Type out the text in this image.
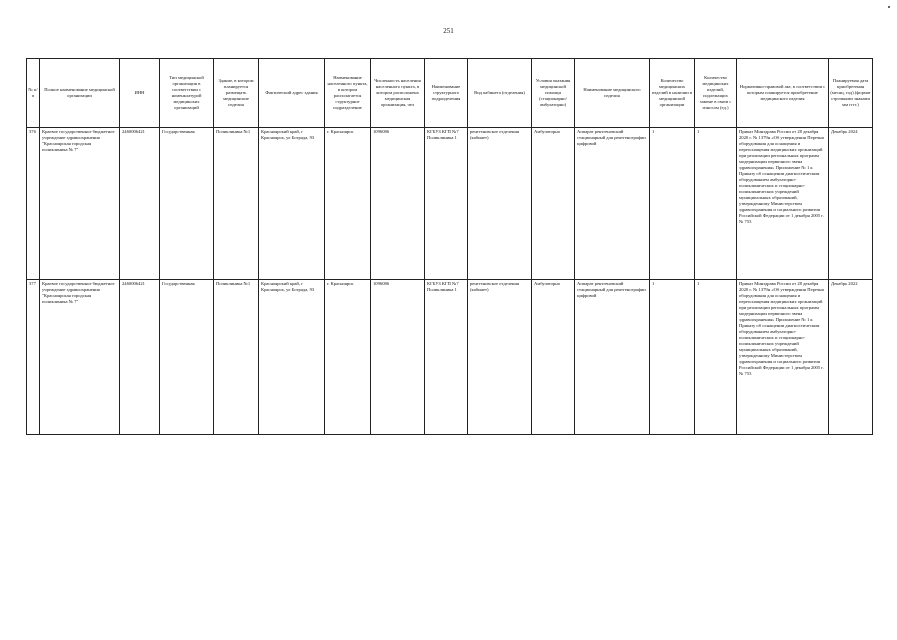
251
№ п/п	Полное наименование медицинской организации	ИНН	Тип медицинской организации в соответствии с номенклатурой медицинских организаций	Здание, в котором планируется размещать медицинские изделия	Фактический адрес здания	Наименование населенного пункта, в котором располагается структурное подразделение	Численность населения населенного пункта, в котором расположена медицинская организация, чел	Наименование структурного подразделения	Вид кабинета (отделения)	Условия оказания медицинской помощи (стационарно/ амбулаторно)	Наименование медицинского изделия	Количество медицинских изделий в наличии в медицинской организации	Количество медицинских изделий, подлежащих замене в связи с износом (ед.)	Нормативно-правовой акт, в соответствии с которым планируется приобретение медицинского изделия	Планируемая дата приобретения (месяц, год) (формат строчными знаками мм гггг.)
376	Краевое государственное бюджетное учреждение здравоохранения "Красноярская городская поликлиника № 7"	2460006421	Государственная	Поликлиника №1	Красноярский край, г Красноярск, ул Ботрада, 93	г. Красноярск	1096086	КГБУЗ КГП №7 Поликлиника 1	рентгеновское отделения (кабинет)	Амбулаторно	Аппарат рентгеновский стационарный для рентгенографии цифровой	1	1	Приказ Минздрава России от 28 декабря 2020 г. № 1379н «Об утверждении Перечня оборудования для оснащения и переоснащения медицинских организаций при реализации региональных программ модернизации первичного звена здравоохранения» Приложение № 1 к Приказу об оснащении диагностическим оборудованием амбулаторно-поликлинических и стационарно-поликлинических учреждений муниципальных образований, утвержденному Министерством здравоохранения и социального развития Российской Федерации от 1 декабря 2005 г. № 753	Декабрь 2024
377	Краевое государственное бюджетное учреждение здравоохранения "Красноярская городская поликлиника № 7"	2460006421	Государственная	Поликлиника №1	Красноярский край, г Красноярск, ул Ботрада, 93	г. Красноярск	1096086	КГБУЗ КГП №7 Поликлиника 1	рентгеновское отделения (кабинет)	Амбулаторно	Аппарат рентгеновский стационарный для рентгенографии цифровой	1	1	Приказ Минздрава России от 28 декабря 2020 г. № 1379н «Об утверждении Перечня оборудования для оснащения и переоснащения медицинских организаций при реализации региональных программ модернизации первичного звена здравоохранения» Приложение № 1 к Приказу об оснащении диагностическим оборудованием амбулаторно-поликлинических и стационарно-поликлинических учреждений муниципальных образований, утвержденному Министерством здравоохранения и социального развития Российской Федерации от 1 декабря 2005 г. № 753	Декабрь 2022
